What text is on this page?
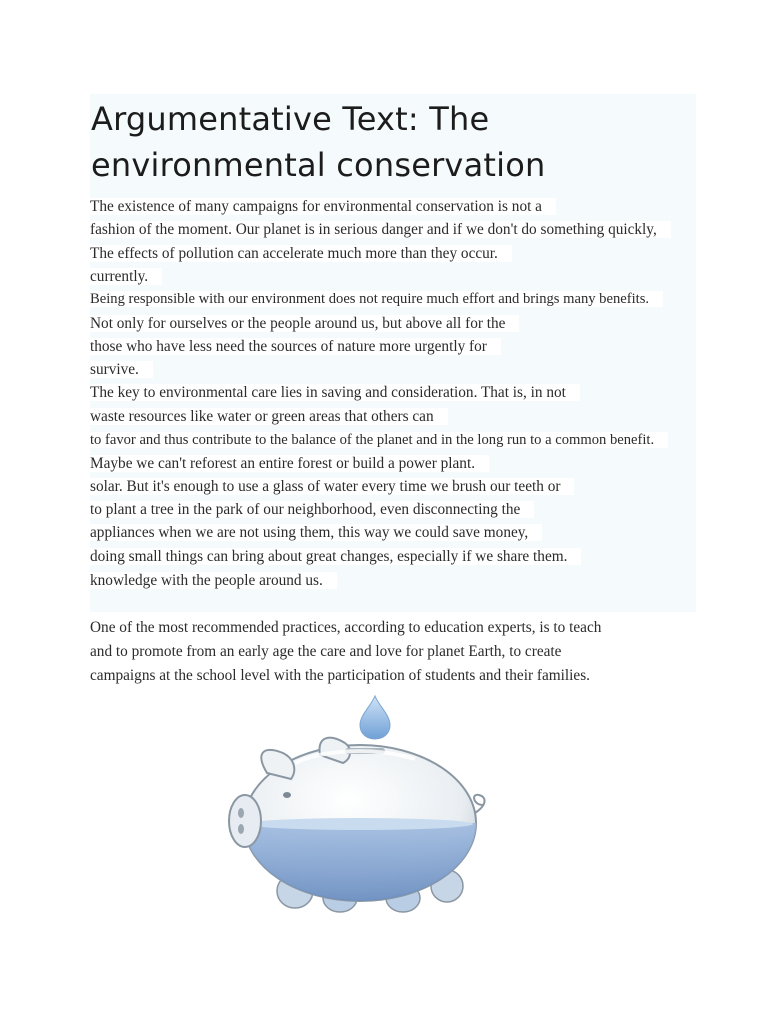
Argumentative Text: The
environmental conservation
The existence of many campaigns for environmental conservation is not a
fashion of the moment. Our planet is in serious danger and if we don't do something quickly,
The effects of pollution can accelerate much more than they occur.
currently.
Being responsible with our environment does not require much effort and brings many benefits.
Not only for ourselves or the people around us, but above all for the
those who have less need the sources of nature more urgently for
survive.
The key to environmental care lies in saving and consideration. That is, in not
waste resources like water or green areas that others can
to favor and thus contribute to the balance of the planet and in the long run to a common benefit.
Maybe we can't reforest an entire forest or build a power plant.
solar. But it's enough to use a glass of water every time we brush our teeth or
to plant a tree in the park of our neighborhood, even disconnecting the
appliances when we are not using them, this way we could save money,
doing small things can bring about great changes, especially if we share them.
knowledge with the people around us.
One of the most recommended practices, according to education experts, is to teach
and to promote from an early age the care and love for planet Earth, to create
campaigns at the school level with the participation of students and their families.
